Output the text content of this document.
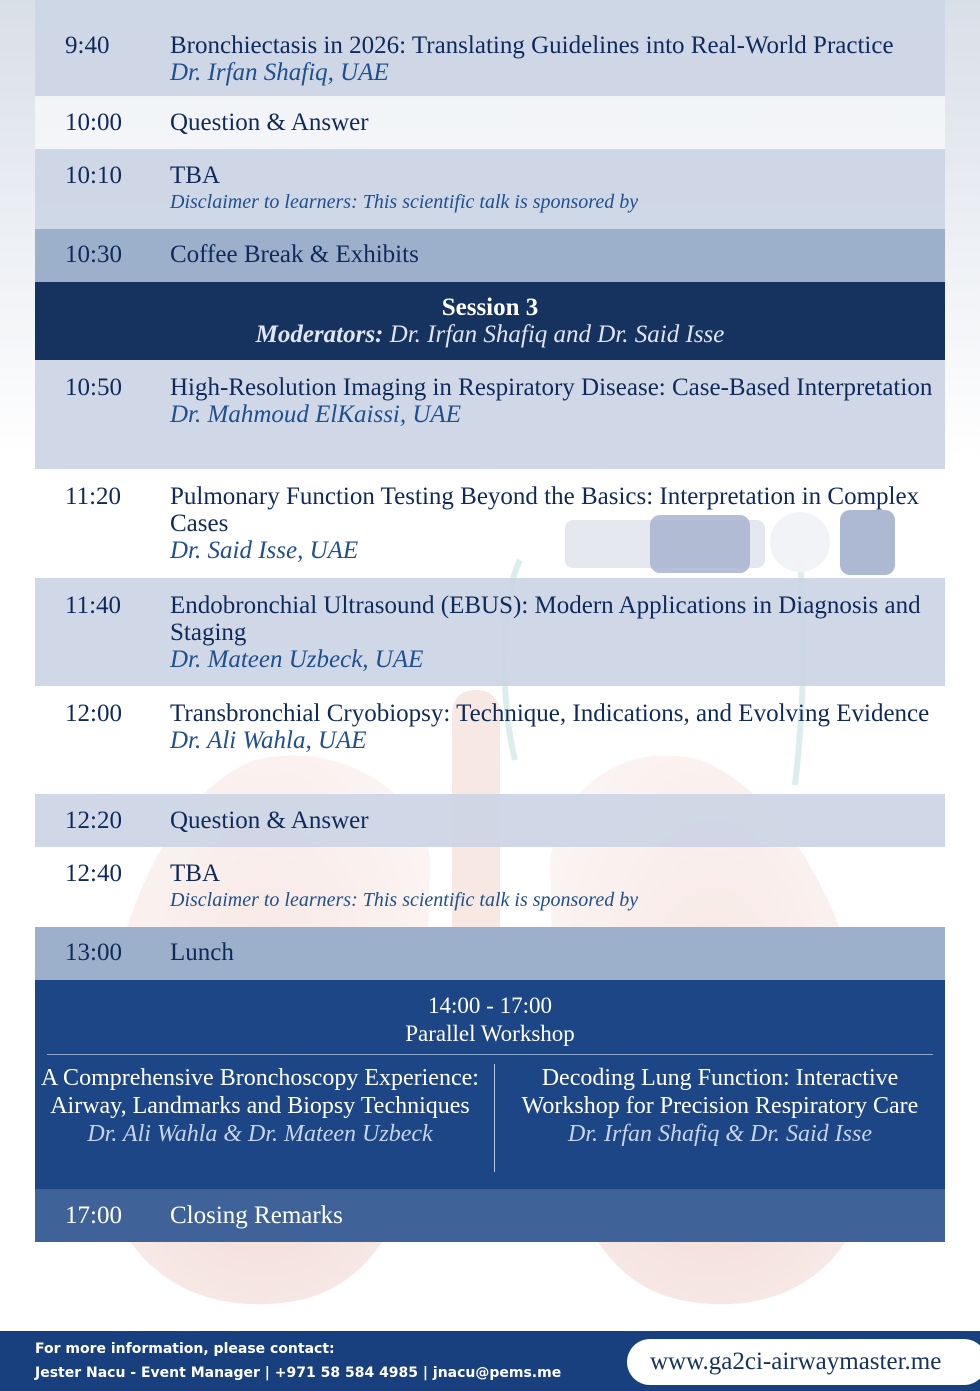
9:40 Bronchiectasis in 2026: Translating Guidelines into Real-World Practice
Dr. Irfan Shafiq, UAE
10:00 Question & Answer
10:10 TBA
Disclaimer to learners: This scientific talk is sponsored by
10:30 Coffee Break & Exhibits
Session 3
Moderators: Dr. Irfan Shafiq and Dr. Said Isse
10:50 High-Resolution Imaging in Respiratory Disease: Case-Based Interpretation
Dr. Mahmoud ElKaissi, UAE
11:20 Pulmonary Function Testing Beyond the Basics: Interpretation in Complex Cases
Dr. Said Isse, UAE
11:40 Endobronchial Ultrasound (EBUS): Modern Applications in Diagnosis and Staging
Dr. Mateen Uzbeck, UAE
12:00 Transbronchial Cryobiopsy: Technique, Indications, and Evolving Evidence
Dr. Ali Wahla, UAE
12:20 Question & Answer
12:40 TBA
Disclaimer to learners: This scientific talk is sponsored by
13:00 Lunch
14:00 - 17:00
Parallel Workshop
A Comprehensive Bronchoscopy Experience: Airway, Landmarks and Biopsy Techniques
Dr. Ali Wahla & Dr. Mateen Uzbeck
Decoding Lung Function: Interactive Workshop for Precision Respiratory Care
Dr. Irfan Shafiq & Dr. Said Isse
17:00 Closing Remarks
For more information, please contact:
Jester Nacu - Event Manager | +971 58 584 4985 | jnacu@pems.me	www.ga2ci-airwaymaster.me
